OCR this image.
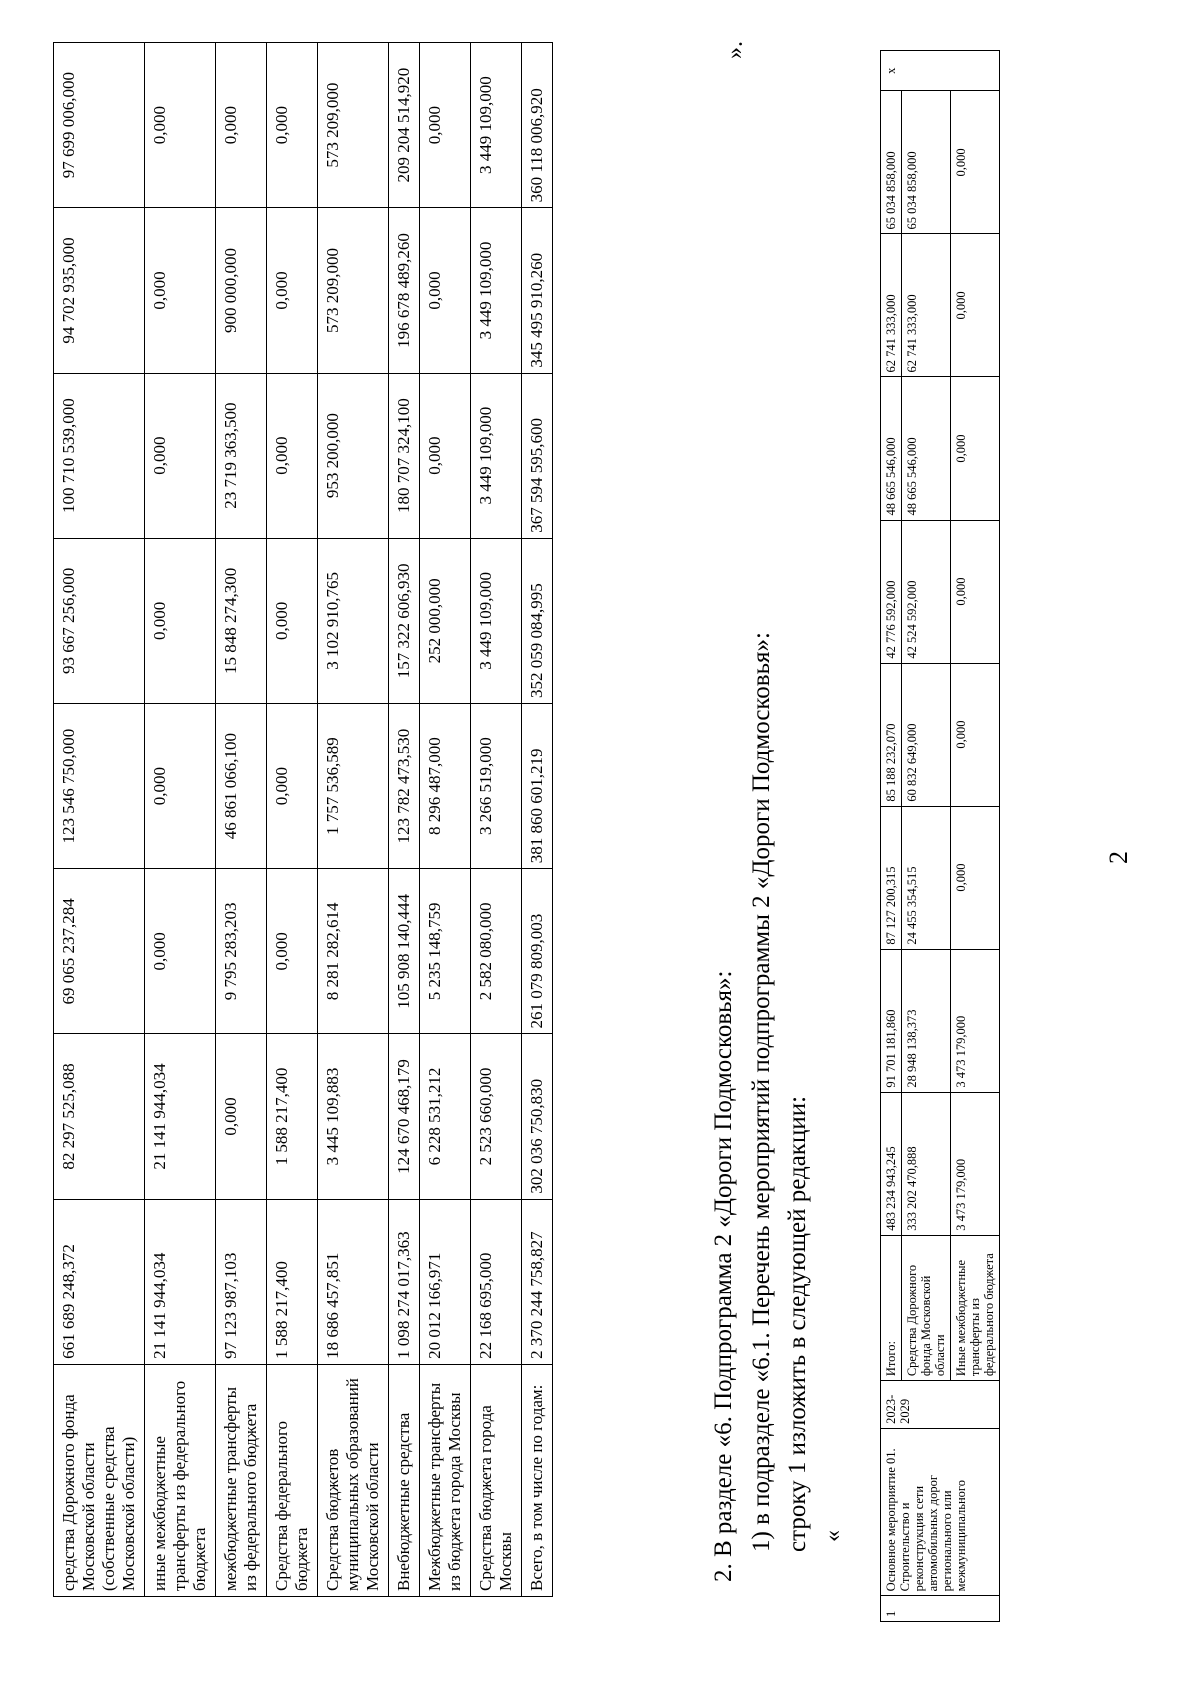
2
средства Дорожного фонда Московской области (собственные средства Московской области)	661 689 248,372	82 297 525,088	69 065 237,284	123 546 750,000	93 667 256,000	100 710 539,000	94 702 935,000	97 699 006,000
иные межбюджетные трансферты из федерального бюджета	21 141 944,034	21 141 944,034	0,000	0,000	0,000	0,000	0,000	0,000
межбюджетные трансферты из федерального бюджета	97 123 987,103	0,000	9 795 283,203	46 861 066,100	15 848 274,300	23 719 363,500	900 000,000	0,000
Средства федерального бюджета	1 588 217,400	1 588 217,400	0,000	0,000	0,000	0,000	0,000	0,000
Средства бюджетов муниципальных образований Московской области	18 686 457,851	3 445 109,883	8 281 282,614	1 757 536,589	3 102 910,765	953 200,000	573 209,000	573 209,000
Внебюджетные средства	1 098 274 017,363	124 670 468,179	105 908 140,444	123 782 473,530	157 322 606,930	180 707 324,100	196 678 489,260	209 204 514,920
Межбюджетные трансферты из бюджета города Москвы	20 012 166,971	6 228 531,212	5 235 148,759	8 296 487,000	252 000,000	0,000	0,000	0,000
Средства бюджета города Москвы	22 168 695,000	2 523 660,000	2 582 080,000	3 266 519,000	3 449 109,000	3 449 109,000	3 449 109,000	3 449 109,000
Всего, в том числе по годам:	2 370 244 758,827	302 036 750,830	261 079 809,003	381 860 601,219	352 059 084,995	367 594 595,600	345 495 910,260	360 118 006,920
».
2. В разделе «6. Подпрограмма 2 «Дороги Подмосковья»: 1) в подразделе «6.1. Перечень мероприятий подпрограммы 2 «Дороги Подмосковья»: строку 1 изложить в следующей редакции: «
1	Основное мероприятие 01. Строительство и реконструкция сети автомобильных дорог регионального или межмуниципального	2023-2029	Итого:	483 234 943,245	91 701 181,860	87 127 200,315	85 188 232,070	42 776 592,000	48 665 546,000	62 741 333,000	65 034 858,000	х
			Средства Дорожного фонда Московской области	333 202 470,888	28 948 138,373	24 455 354,515	60 832 649,000	42 524 592,000	48 665 546,000	62 741 333,000	65 034 858,000	
			Иные межбюджетные трансферты из федерального бюджета	3 473 179,000	3 473 179,000	0,000	0,000	0,000	0,000	0,000	0,000	
